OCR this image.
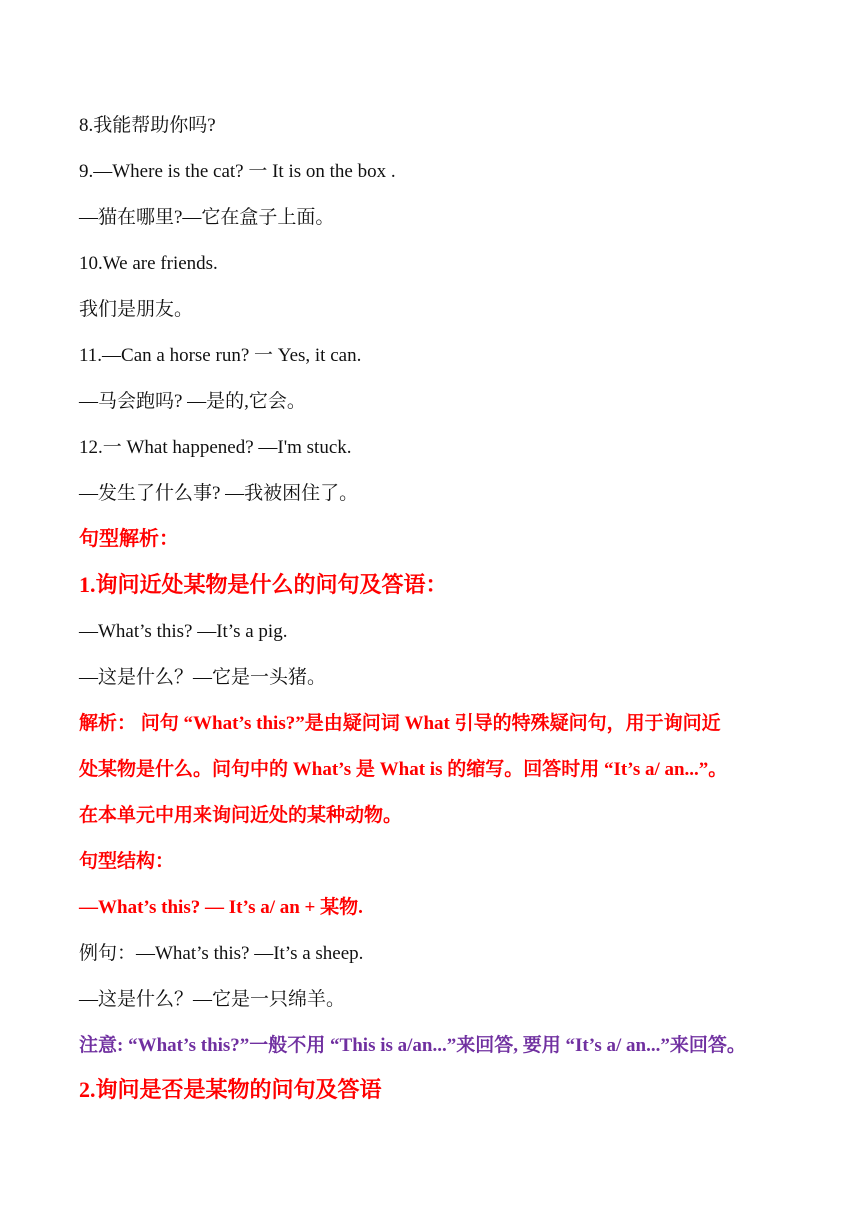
8.我能帮助你吗?
9.—Where is the cat? 一 It is on the box .
—猫在哪里?—它在盒子上面。
10.We are friends.
我们是朋友。
11.—Can a horse run? 一 Yes, it can.
—马会跑吗? —是的,它会。
12.一 What happened? —I'm stuck.
—发生了什么事? —我被困住了。
句型解析：
1.询问近处某物是什么的问句及答语：
—What’s this? —It’s a pig.
—这是什么？—它是一头猪。
解析： 问句 “What’s this?”是由疑问词 What 引导的特殊疑问句，用于询问近
处某物是什么。问句中的 What’s 是 What is 的缩写。回答时用 “It’s a/ an...”。
在本单元中用来询问近处的某种动物。
句型结构：
—What’s this? — It’s a/ an + 某物.
例句：—What’s this? —It’s a sheep.
—这是什么？—它是一只绵羊。
注意: “What’s this?”一般不用 “This is a/an...”来回答, 要用 “It’s a/ an...”来回答。
2.询问是否是某物的问句及答语
